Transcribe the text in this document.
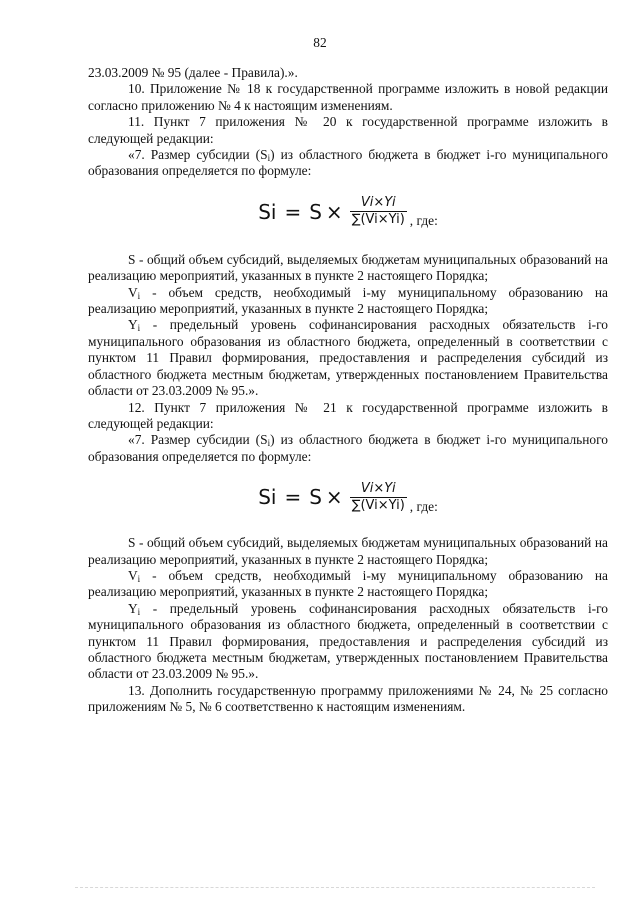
82

23.03.2009 № 95 (далее - Правила).».

10. Приложение № 18 к государственной программе изложить в новой редакции согласно приложению № 4 к настоящим изменениям.

11. Пункт 7 приложения № 20 к государственной программе изложить в следующей редакции:

«7. Размер субсидии $(S_i)$ из областного бюджета в бюджет i-го муниципального образования определяется по формуле:

$Si = S \times \frac{Vi\times Yi}{\sum(Vi\times Yi)}$ , где:

S - общий объем субсидий, выделяемых бюджетам муниципальных образований на реализацию мероприятий, указанных в пункте 2 настоящего Порядка;

$V_i$ - объем средств, необходимый i-му муниципальному образованию на реализацию мероприятий, указанных в пункте 2 настоящего Порядка;

$Y_i$ - предельный уровень софинансирования расходных обязательств i-го муниципального образования из областного бюджета, определенный в соответствии с пунктом 11 Правил формирования, предоставления и распределения субсидий из областного бюджета местным бюджетам, утвержденных постановлением Правительства области от 23.03.2009 № 95.».

12. Пункт 7 приложения № 21 к государственной программе изложить в следующей редакции:

«7. Размер субсидии $(S_i)$ из областного бюджета в бюджет i-го муниципального образования определяется по формуле:

$Si = S \times \frac{Vi\times Yi}{\sum(Vi\times Yi)}$ , где:

S - общий объем субсидий, выделяемых бюджетам муниципальных образований на реализацию мероприятий, указанных в пункте 2 настоящего Порядка;

$V_i$ - объем средств, необходимый i-му муниципальному образованию на реализацию мероприятий, указанных в пункте 2 настоящего Порядка;

$Y_i$ - предельный уровень софинансирования расходных обязательств i-го муниципального образования из областного бюджета, определенный в соответствии с пунктом 11 Правил формирования, предоставления и распределения субсидий из областного бюджета местным бюджетам, утвержденных постановлением Правительства области от 23.03.2009 № 95.».

13. Дополнить государственную программу приложениями № 24, № 25 согласно приложениям № 5, № 6 соответственно к настоящим изменениям.
